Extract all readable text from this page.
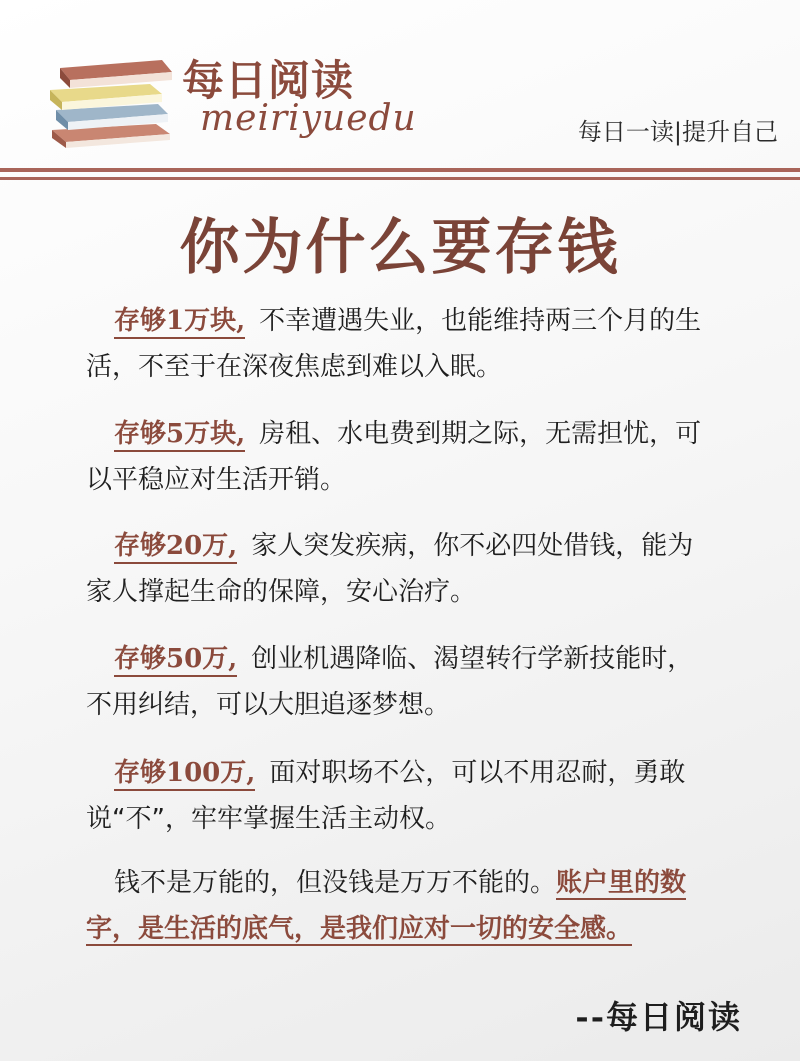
每日阅读
meiriyuedu	每日一读|提升自己
你为什么要存钱
存够1万块, 不幸遭遇失业，也能维持两三个月的生活，不至于在深夜焦虑到难以入眠。
存够5万块, 房租、水电费到期之际，无需担忧，可以平稳应对生活开销。
存够20万, 家人突发疾病，你不必四处借钱，能为家人撑起生命的保障，安心治疗。
存够50万, 创业机遇降临、渴望转行学新技能时，不用纠结，可以大胆追逐梦想。
存够100万, 面对职场不公，可以不用忍耐，勇敢说“不”，牢牢掌握生活主动权。
钱不是万能的，但没钱是万万不能的。账户里的数字，是生活的底气，是我们应对一切的安全感。
--每日阅读
